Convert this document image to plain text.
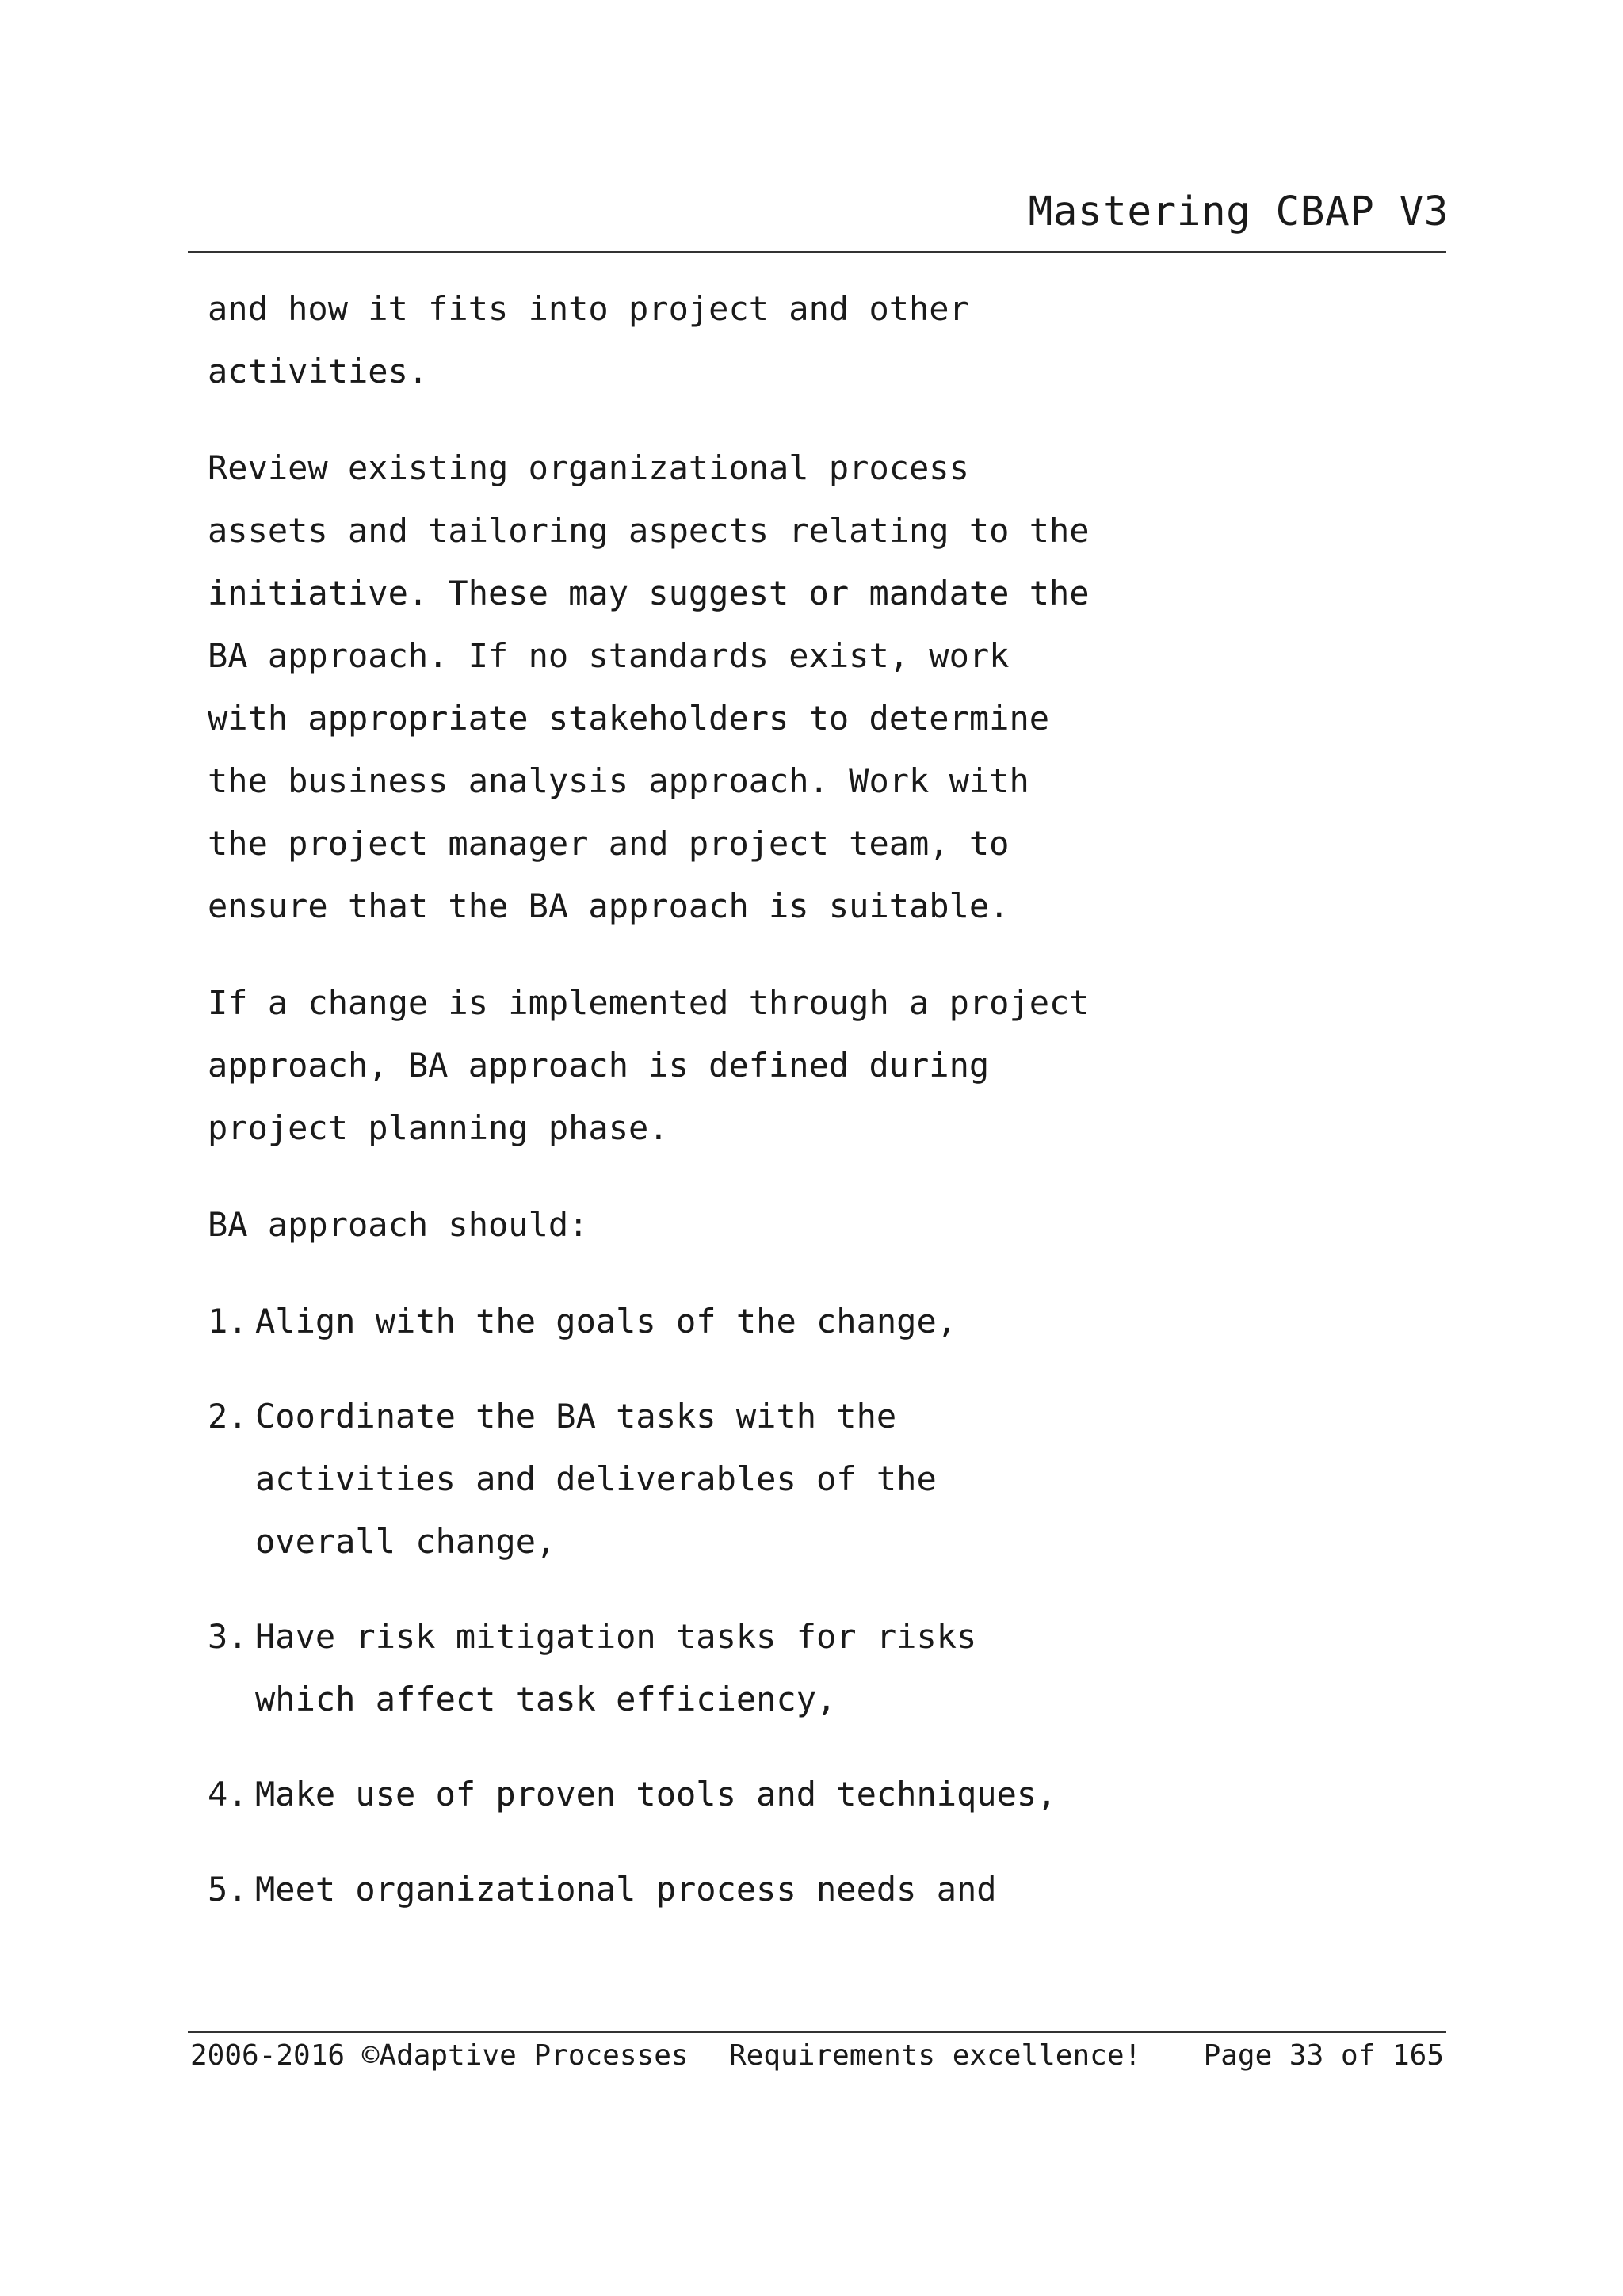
Mastering CBAP V3

and how it fits into project and other activities.

Review existing organizational process assets and tailoring aspects relating to the initiative. These may suggest or mandate the BA approach. If no standards exist, work with appropriate stakeholders to determine the business analysis approach. Work with the project manager and project team, to ensure that the BA approach is suitable.

If a change is implemented through a project approach, BA approach is defined during project planning phase.

BA approach should:

1. Align with the goals of the change,
2. Coordinate the BA tasks with the activities and deliverables of the overall change,
3. Have risk mitigation tasks for risks which affect task efficiency,
4. Make use of proven tools and techniques,
5. Meet organizational process needs and
2006-2016 ©Adaptive Processes Requirements excellence! Page 33 of 165
